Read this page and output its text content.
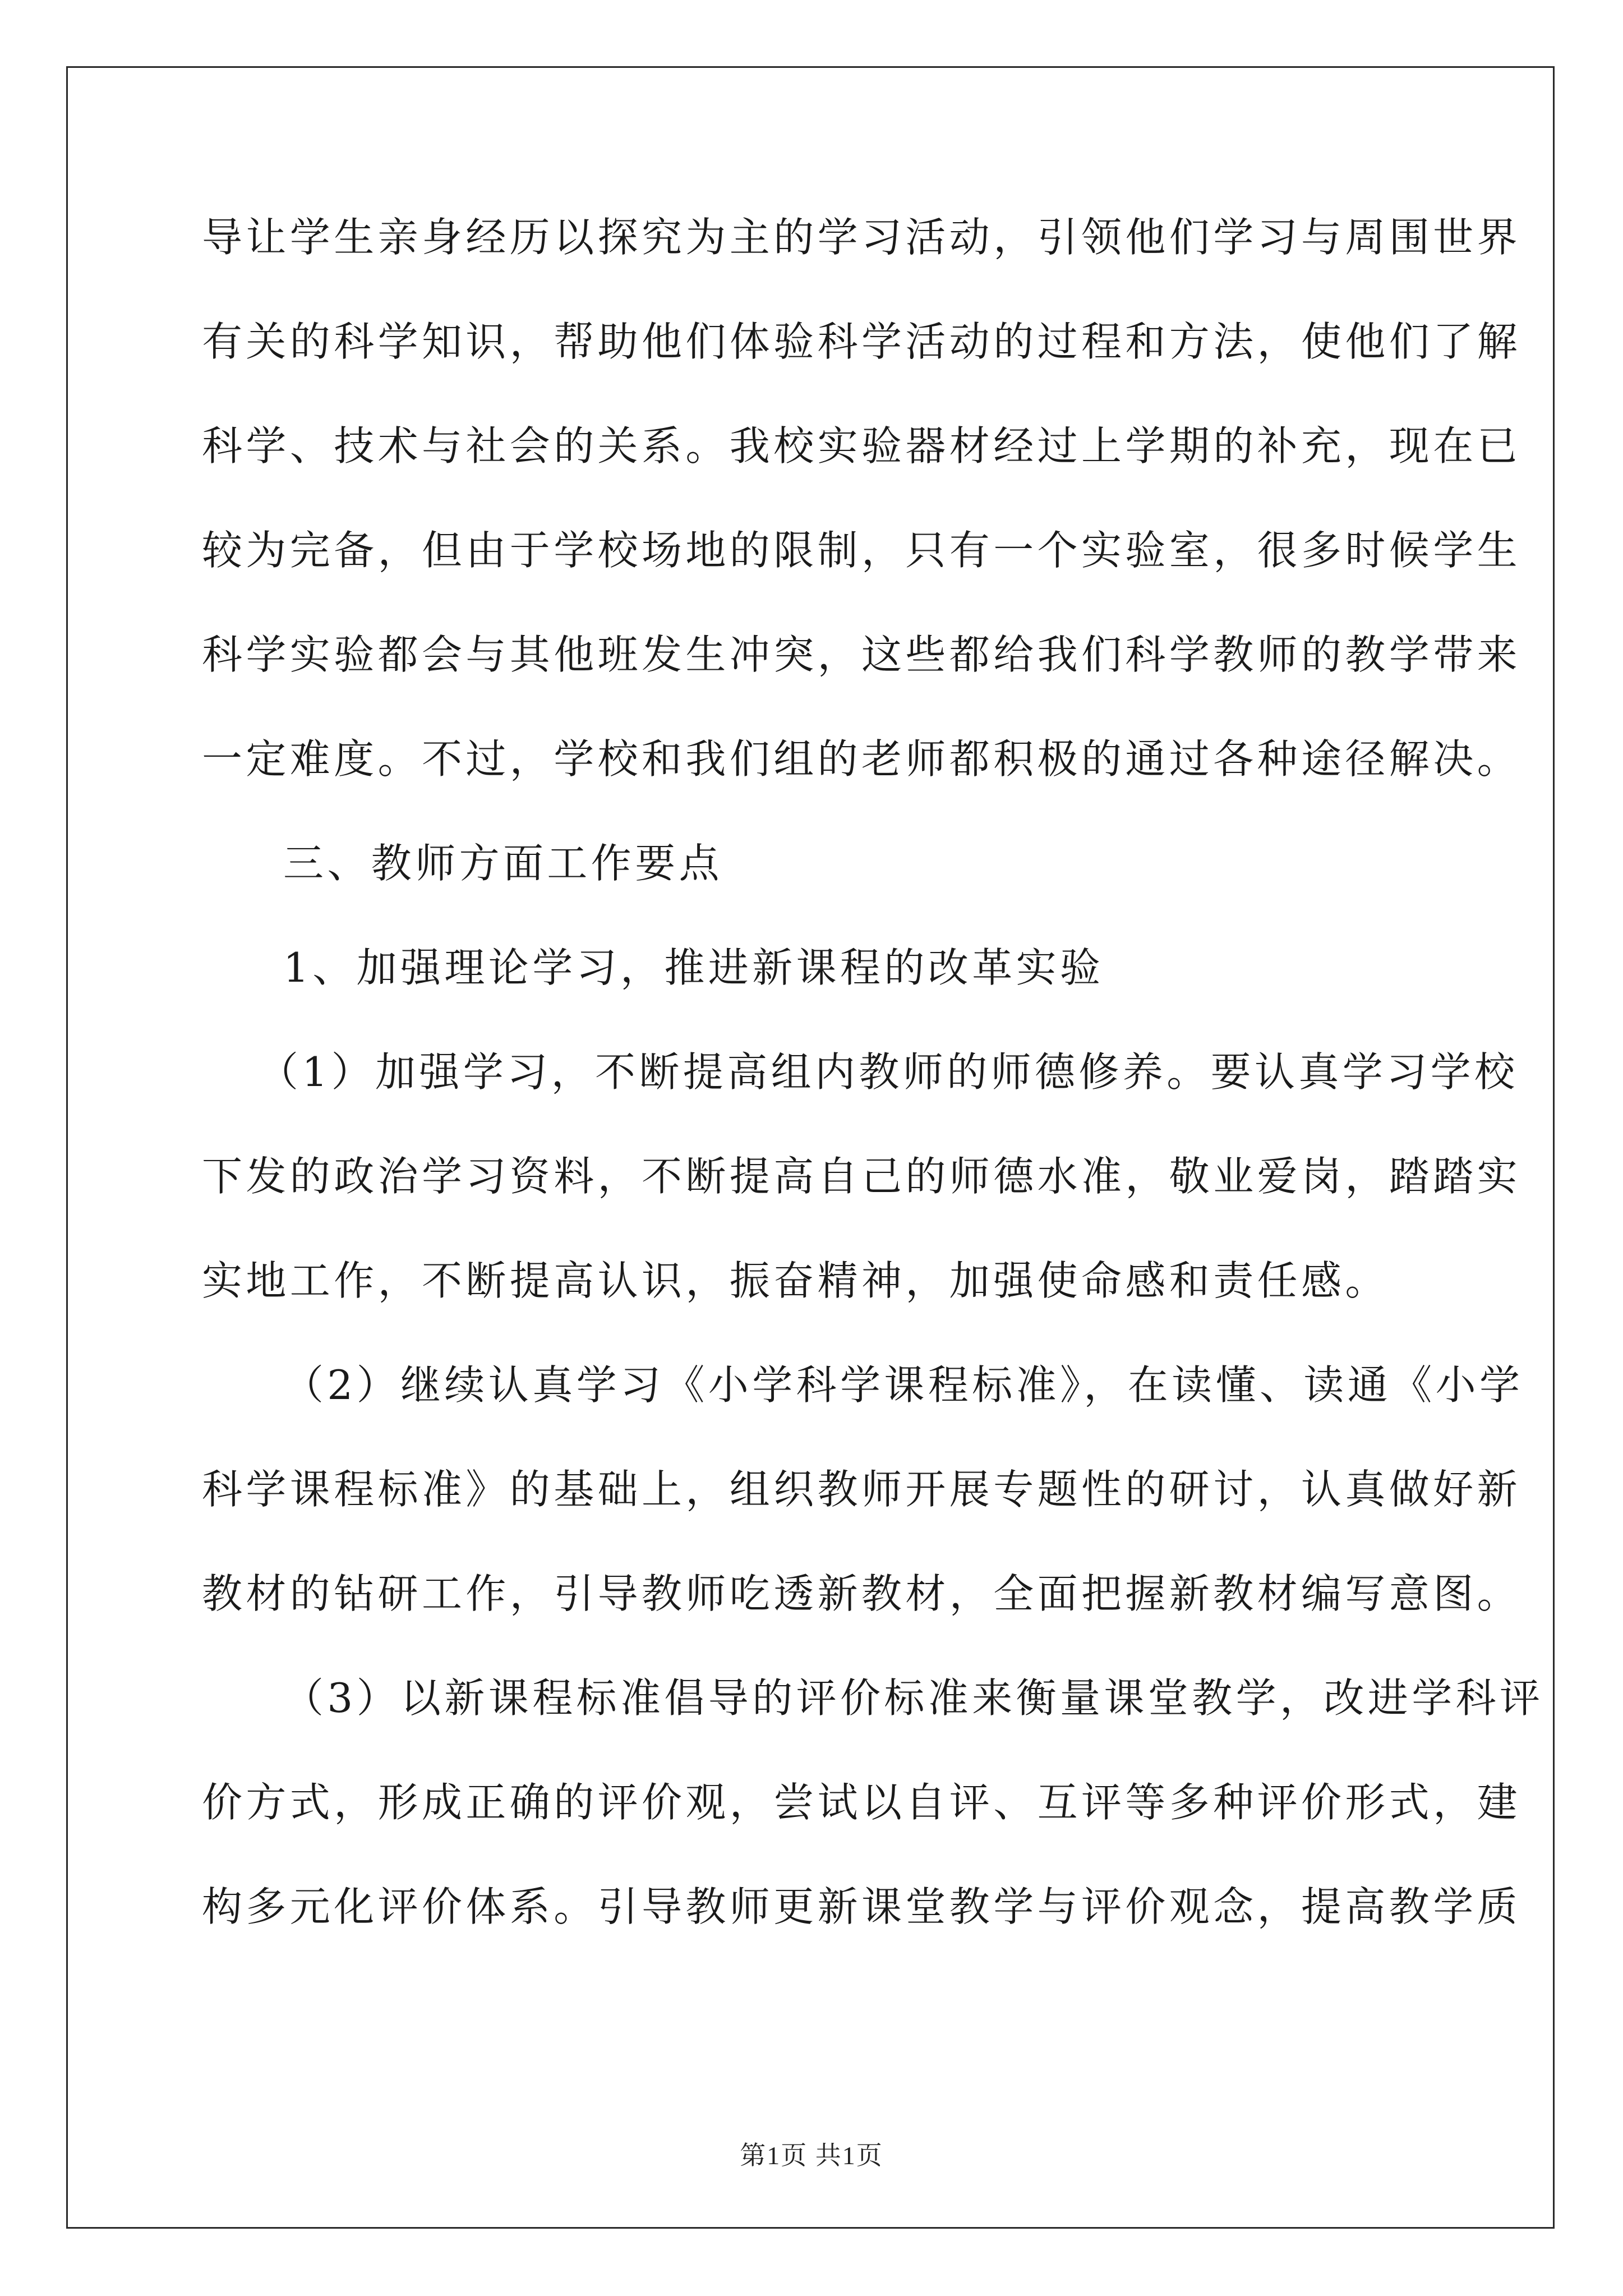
导让学生亲身经历以探究为主的学习活动，引领他们学习与周围世界
有关的科学知识，帮助他们体验科学活动的过程和方法，使他们了解
科学、技术与社会的关系。我校实验器材经过上学期的补充，现在已
较为完备，但由于学校场地的限制，只有一个实验室，很多时候学生
科学实验都会与其他班发生冲突，这些都给我们科学教师的教学带来
一定难度。不过，学校和我们组的老师都积极的通过各种途径解决。
三、教师方面工作要点
1、加强理论学习，推进新课程的改革实验
（1）加强学习，不断提高组内教师的师德修养。要认真学习学校
下发的政治学习资料，不断提高自己的师德水准，敬业爱岗，踏踏实
实地工作，不断提高认识，振奋精神，加强使命感和责任感。
（2）继续认真学习《小学科学课程标准》，在读懂、读通《小学
科学课程标准》的基础上，组织教师开展专题性的研讨，认真做好新
教材的钻研工作，引导教师吃透新教材，全面把握新教材编写意图。
（3）以新课程标准倡导的评价标准来衡量课堂教学，改进学科评
价方式，形成正确的评价观，尝试以自评、互评等多种评价形式，建
构多元化评价体系。引导教师更新课堂教学与评价观念，提高教学质
第1页 共1页
